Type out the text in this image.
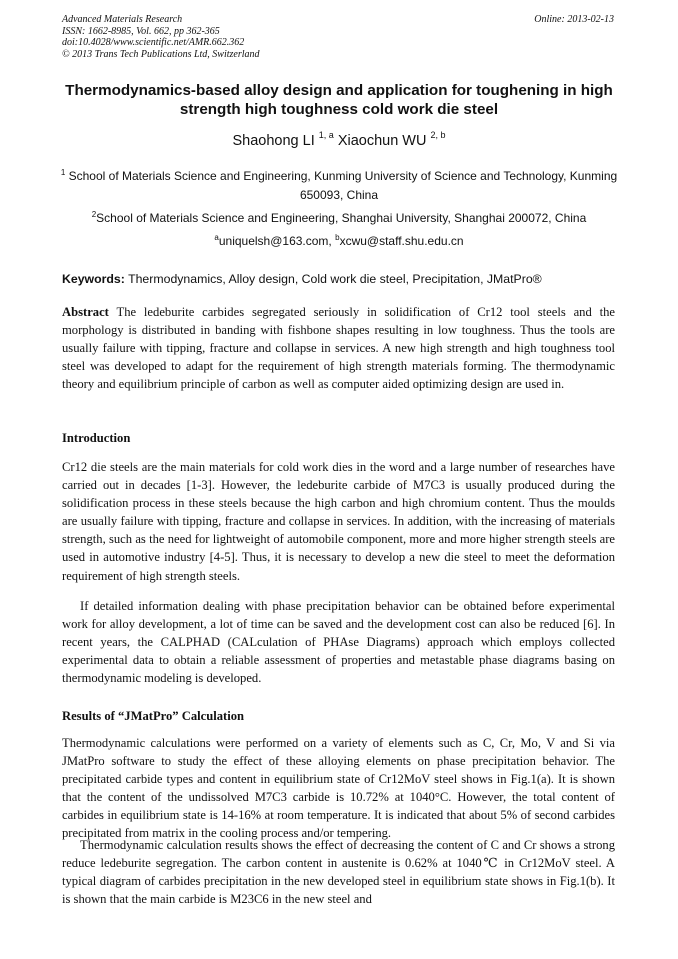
Advanced Materials Research
ISSN: 1662-8985, Vol. 662, pp 362-365
doi:10.4028/www.scientific.net/AMR.662.362
© 2013 Trans Tech Publications Ltd, Switzerland
Online: 2013-02-13
Thermodynamics-based alloy design and application for toughening in high strength high toughness cold work die steel
Shaohong LI $^{1, a}$ Xiaochun WU $^{2, b}$
$^1$ School of Materials Science and Engineering, Kunming University of Science and Technology, Kunming 650093, China
$^2$School of Materials Science and Engineering, Shanghai University, Shanghai 200072, China
$^a$uniquelsh@163.com, $^b$xcwu@staff.shu.edu.cn
Keywords: Thermodynamics, Alloy design, Cold work die steel, Precipitation, JMatPro®
Abstract The ledeburite carbides segregated seriously in solidification of Cr12 tool steels and the morphology is distributed in banding with fishbone shapes resulting in low toughness. Thus the tools are usually failure with tipping, fracture and collapse in services. A new high strength and high toughness tool steel was developed to adapt for the requirement of high strength materials forming. The thermodynamic theory and equilibrium principle of carbon as well as computer aided optimizing design are used in.
Introduction
Cr12 die steels are the main materials for cold work dies in the word and a large number of researches have carried out in decades [1-3]. However, the ledeburite carbide of M7C3 is usually produced during the solidification process in these steels because the high carbon and high chromium content. Thus the moulds are usually failure with tipping, fracture and collapse in services. In addition, with the increasing of materials strength, such as the need for lightweight of automobile component, more and more higher strength steels are used in automotive industry [4-5]. Thus, it is necessary to develop a new die steel to meet the deformation requirement of high strength steels.
If detailed information dealing with phase precipitation behavior can be obtained before experimental work for alloy development, a lot of time can be saved and the development cost can also be reduced [6]. In recent years, the CALPHAD (CALculation of PHAse Diagrams) approach which employs collected experimental data to obtain a reliable assessment of properties and metastable phase diagrams basing on thermodynamic modeling is developed.
Results of “JMatPro” Calculation
Thermodynamic calculations were performed on a variety of elements such as C, Cr, Mo, V and Si via JMatPro software to study the effect of these alloying elements on phase precipitation behavior. The precipitated carbide types and content in equilibrium state of Cr12MoV steel shows in Fig.1(a). It is shown that the content of the undissolved M7C3 carbide is 10.72% at 1040°C. However, the total content of carbides in equilibrium state is 14-16% at room temperature. It is indicated that about 5% of second carbides precipitated from matrix in the cooling process and/or tempering.
Thermodynamic calculation results shows the effect of decreasing the content of C and Cr shows a strong reduce ledeburite segregation. The carbon content in austenite is 0.62% at 1040℃ in Cr12MoV steel. A typical diagram of carbides precipitation in the new developed steel in equilibrium state shows in Fig.1(b). It is shown that the main carbide is M23C6 in the new steel and
